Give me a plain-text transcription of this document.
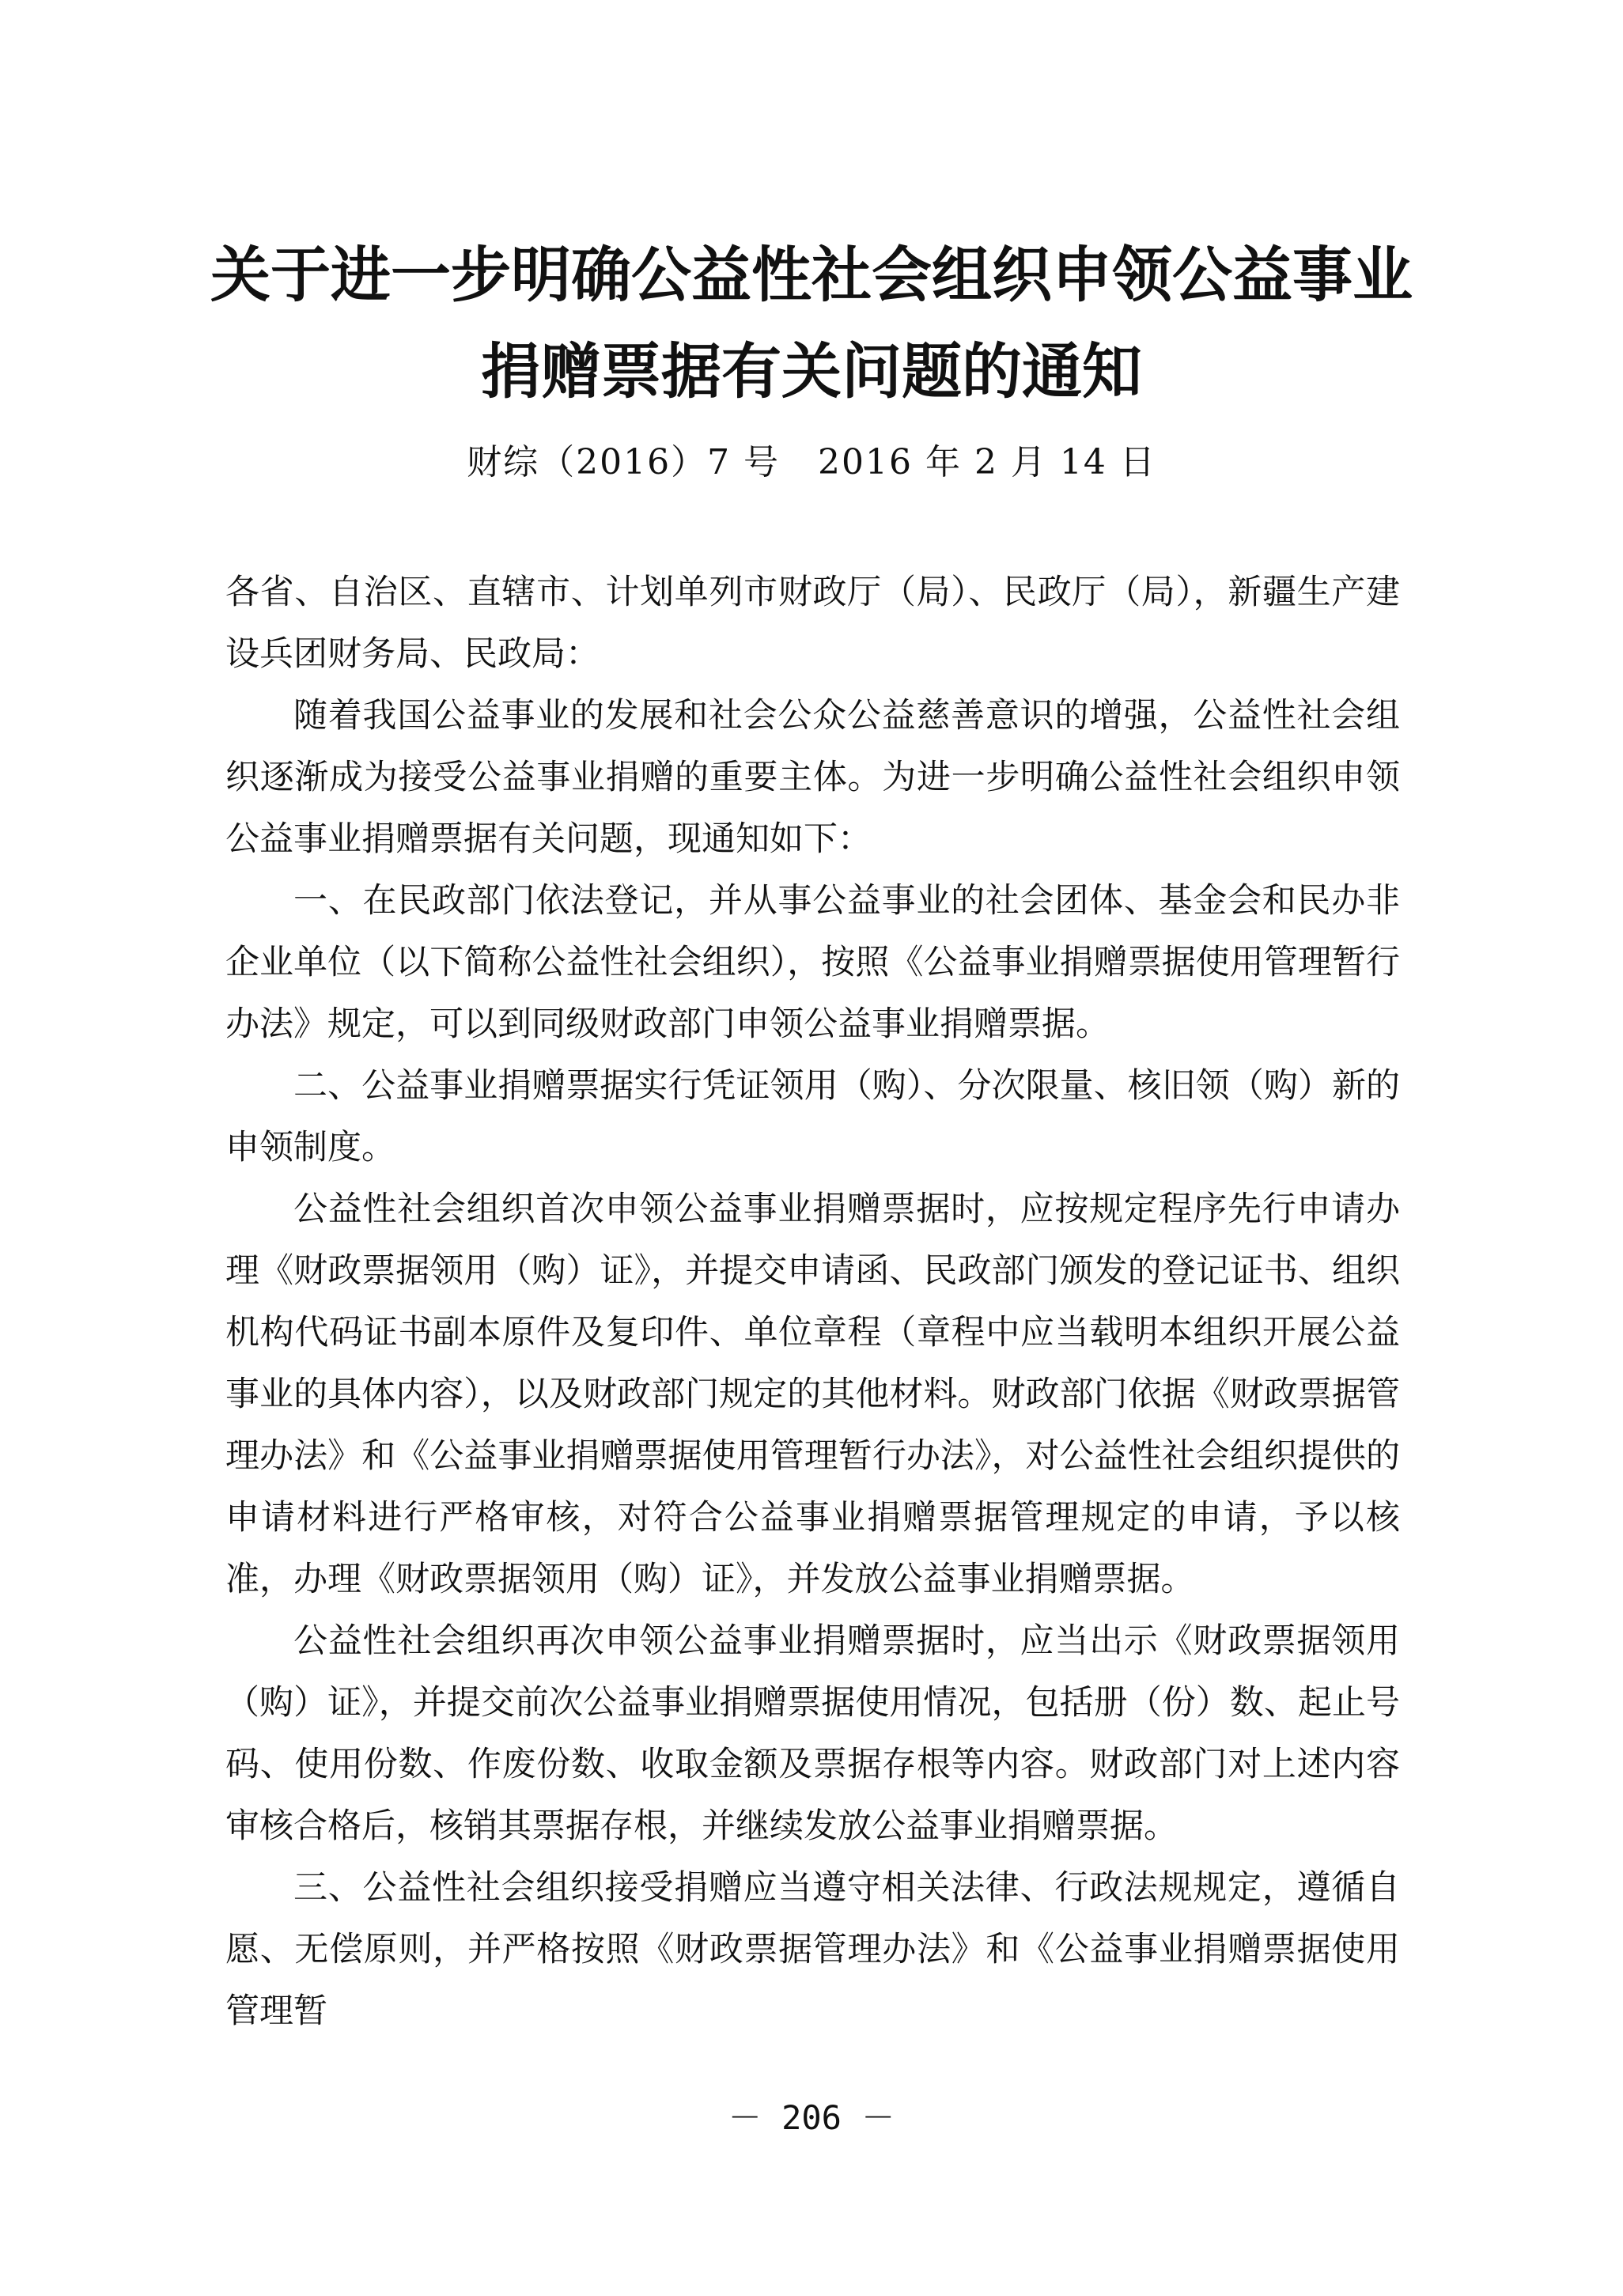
关于进一步明确公益性社会组织申领公益事业
捐赠票据有关问题的通知
财综（2016）7 号   2016 年 2 月 14 日

各省、自治区、直辖市、计划单列市财政厅（局）、民政厅（局），新疆生产建设兵团财务局、民政局：

随着我国公益事业的发展和社会公众公益慈善意识的增强，公益性社会组织逐渐成为接受公益事业捐赠的重要主体。为进一步明确公益性社会组织申领公益事业捐赠票据有关问题，现通知如下：

一、在民政部门依法登记，并从事公益事业的社会团体、基金会和民办非企业单位（以下简称公益性社会组织），按照《公益事业捐赠票据使用管理暂行办法》规定，可以到同级财政部门申领公益事业捐赠票据。

二、公益事业捐赠票据实行凭证领用（购）、分次限量、核旧领（购）新的申领制度。

公益性社会组织首次申领公益事业捐赠票据时，应按规定程序先行申请办理《财政票据领用（购）证》，并提交申请函、民政部门颁发的登记证书、组织机构代码证书副本原件及复印件、单位章程（章程中应当载明本组织开展公益事业的具体内容），以及财政部门规定的其他材料。财政部门依据《财政票据管理办法》和《公益事业捐赠票据使用管理暂行办法》，对公益性社会组织提供的申请材料进行严格审核，对符合公益事业捐赠票据管理规定的申请，予以核准，办理《财政票据领用（购）证》，并发放公益事业捐赠票据。

公益性社会组织再次申领公益事业捐赠票据时，应当出示《财政票据领用（购）证》，并提交前次公益事业捐赠票据使用情况，包括册（份）数、起止号码、使用份数、作废份数、收取金额及票据存根等内容。财政部门对上述内容审核合格后，核销其票据存根，并继续发放公益事业捐赠票据。

三、公益性社会组织接受捐赠应当遵守相关法律、行政法规规定，遵循自愿、无偿原则，并严格按照《财政票据管理办法》和《公益事业捐赠票据使用管理暂

－ 206 －
